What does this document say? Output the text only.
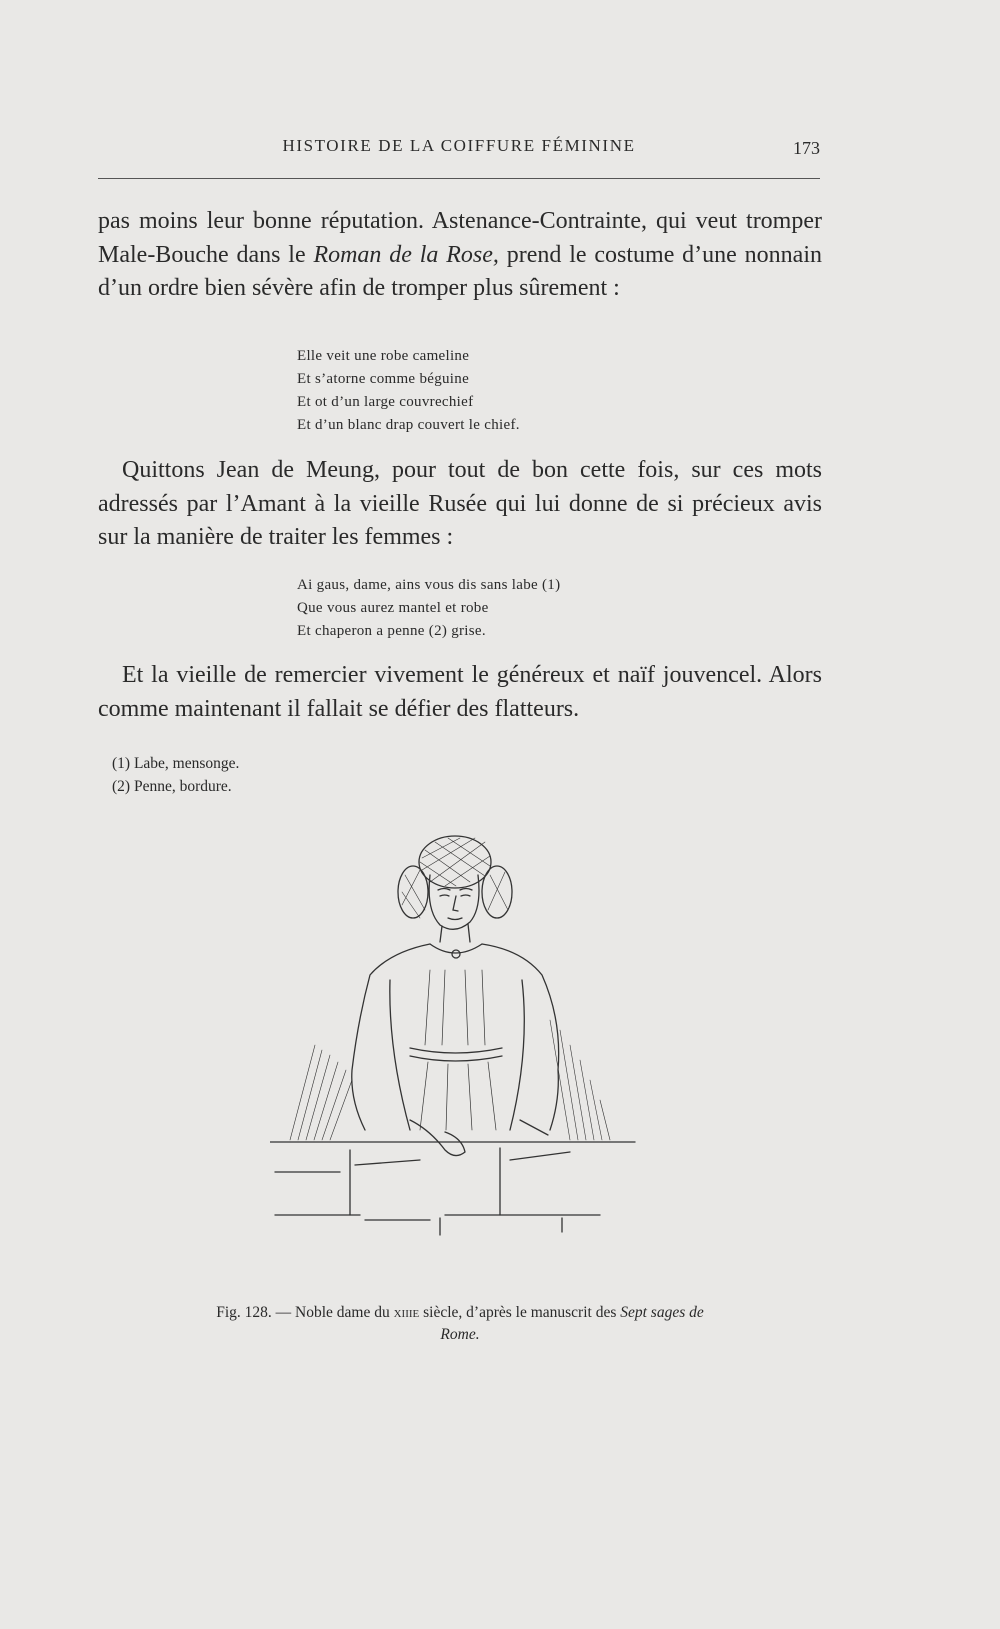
HISTOIRE DE LA COIFFURE FÉMININE	173

pas moins leur bonne réputation. Astenance-Contrainte, qui veut tromper Male-Bouche dans le Roman de la Rose, prend le costume d’une nonnain d’un ordre bien sévère afin de tromper plus sûrement :

Elle veit une robe cameline
Et s’atorne comme béguine
Et ot d’un large couvrechief
Et d’un blanc drap couvert le chief.

Quittons Jean de Meung, pour tout de bon cette fois, sur ces mots adressés par l’Amant à la vieille Rusée qui lui donne de si précieux avis sur la manière de traiter les femmes :

Ai gaus, dame, ains vous dis sans labe (1)
Que vous aurez mantel et robe
Et chaperon a penne (2) grise.

Et la vieille de remercier vivement le généreux et naïf jouvencel. Alors comme maintenant il fallait se défier des flatteurs.

(1) Labe, mensonge.
(2) Penne, bordure.
Fig. 128. — Noble dame du xiiie siècle, d’après le manuscrit des Sept sages de Rome.
